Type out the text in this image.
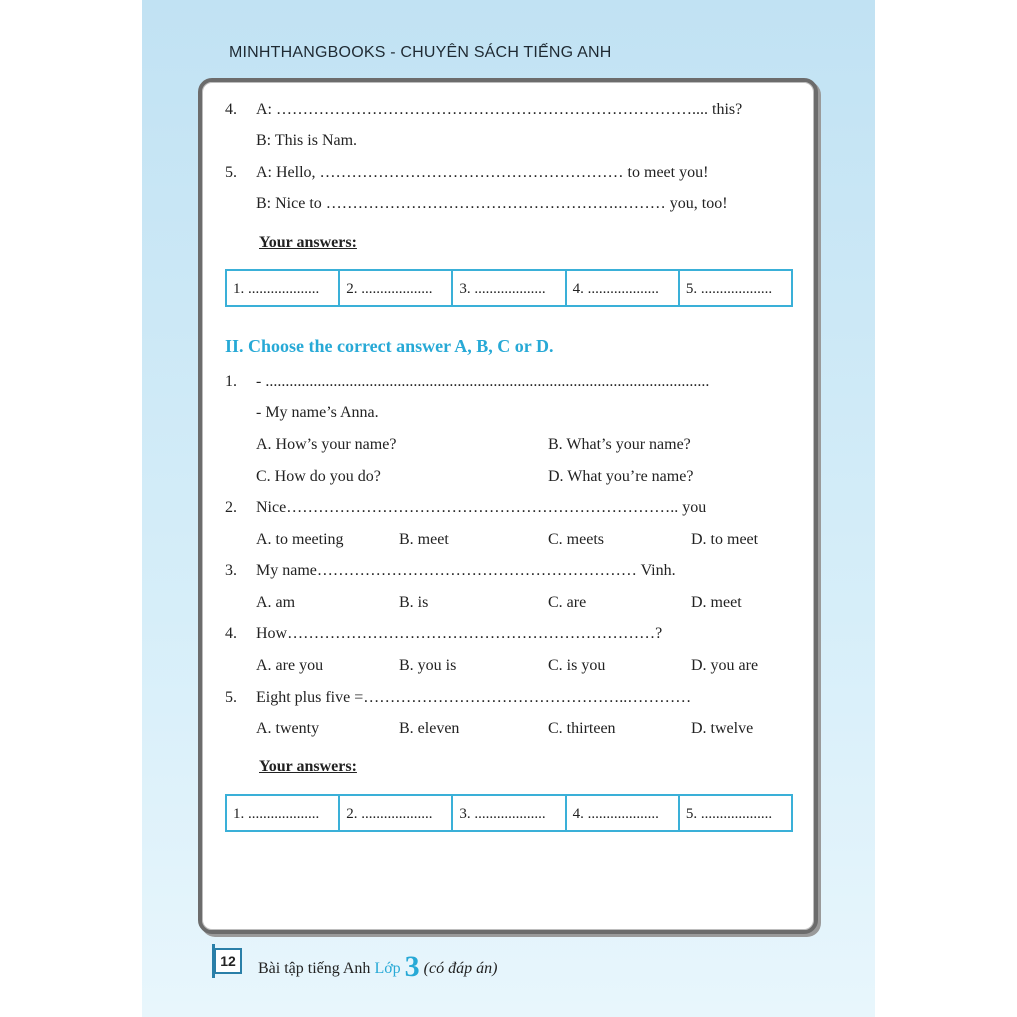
MINHTHANGBOOKS - CHUYÊN SÁCH TIẾNG ANH
4. A: …………………………………………………………………….... this?
B: This is Nam.
5. A: Hello, ………………………………………………… to meet you!
B: Nice to ……………………………………………….……… you, too!
Your answers:
1. ...................	2. ...................	3. ...................	4. ...................	5. ...................
II. Choose the correct answer A, B, C or D.
1. - ...............................................................................................................
- My name’s Anna.
A. How’s your name?	B. What’s your name?
C. How do you do?	D. What you’re name?
2. Nice……………………………………………………………….. you
A. to meeting	B. meet	C. meets	D. to meet
3. My name…………………………………………………… Vinh.
A. am	B. is	C. are	D. meet
4. How……………………………………………………………?
A. are you	B. you is	C. is you	D. you are
5. Eight plus five =…………………………………………..…………
A. twenty	B. eleven	C. thirteen	D. twelve
Your answers:
1. ...................	2. ...................	3. ...................	4. ...................	5. ...................
12	Bài tập tiếng Anh Lớp 3 (có đáp án)
